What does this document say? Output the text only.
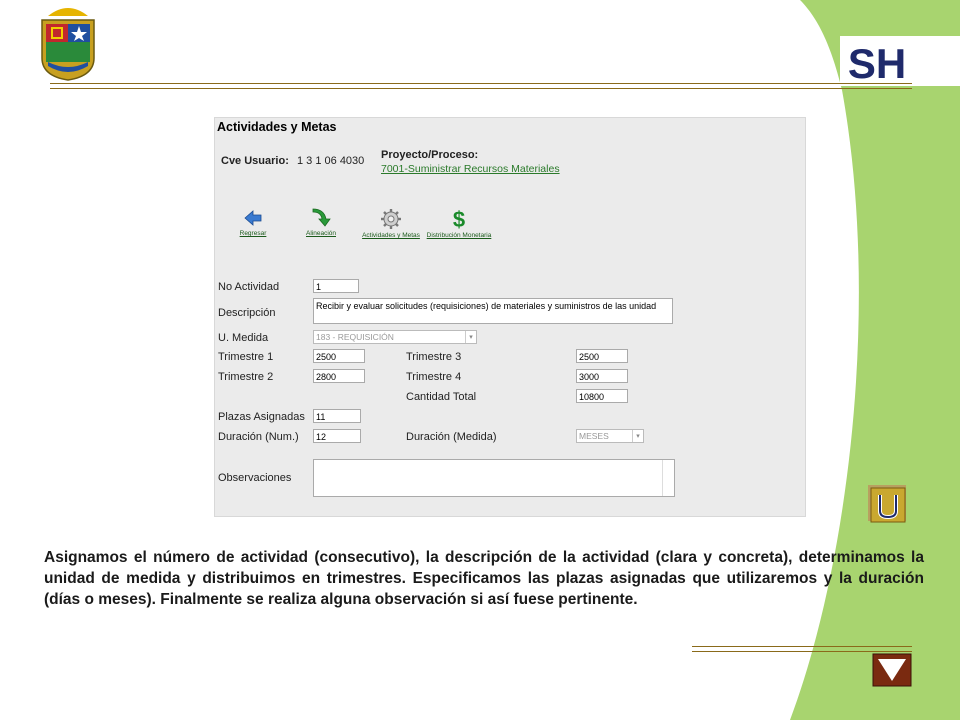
SH
Actividades y Metas
Cve Usuario: 1 3 1 06 4030 Proyecto/Proceso:
7001-Suministrar Recursos Materiales
Regresar	Alineación	Actividades y Metas
$
Distribución Monetaria
No Actividad	1
Descripción
Recibir y evaluar solicitudes (requisiciones) de materiales y suministros de las unidad
U. Medida	183 - REQUISICIÓN	▾
Trimestre 1	2500	Trimestre 3	2500
Trimestre 2	2800	Trimestre 4	3000
Cantidad Total	10800
Plazas Asignadas	11
Duración (Num.)	12	Duración (Medida)	MESES	▾
Observaciones
Asignamos el número de actividad (consecutivo), la descripción de la actividad (clara y concreta), determinamos la unidad de medida y distribuimos en trimestres. Especificamos las plazas asignadas que utilizaremos y la duración (días o meses). Finalmente se realiza alguna observación si así fuese pertinente.
